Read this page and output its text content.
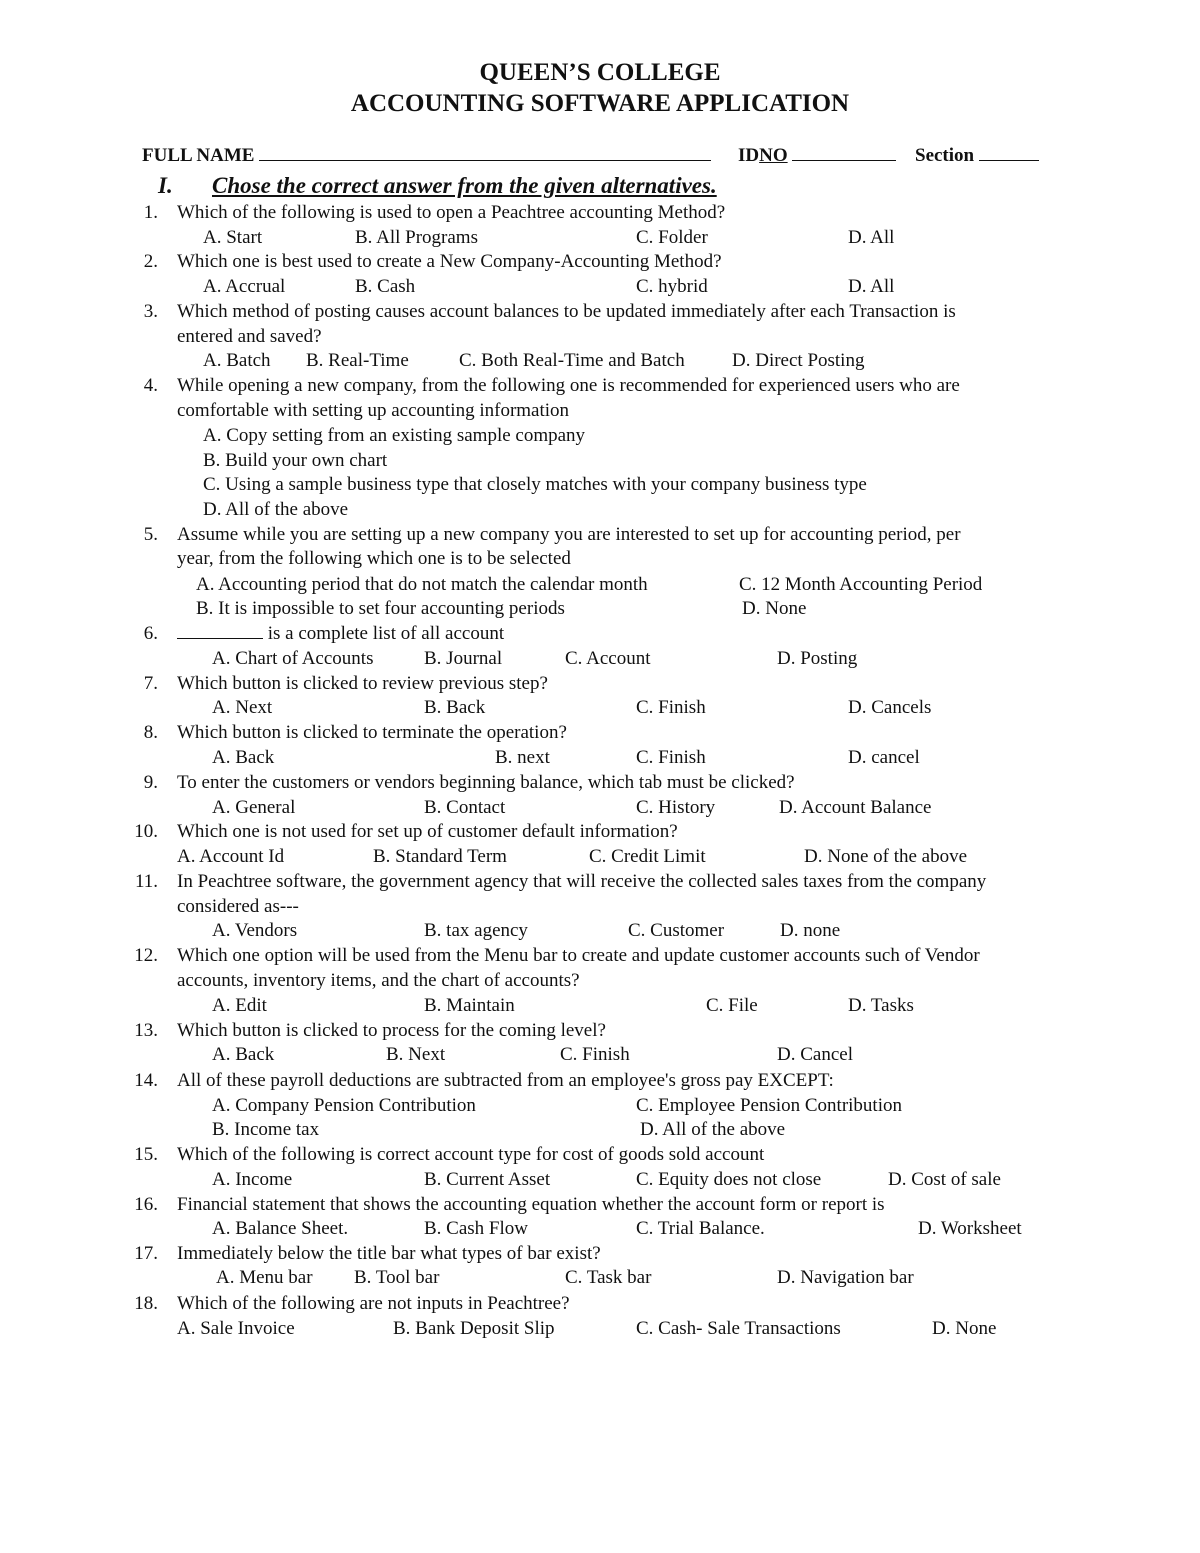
QUEEN’S COLLEGE
ACCOUNTING SOFTWARE APPLICATION
FULL NAME	IDNO	Section
I. Chose the correct answer from the given alternatives.
1. Which of the following is used to open a Peachtree accounting Method?
A. Start	B. All Programs	C. Folder	D. All
2. Which one is best used to create a New Company-Accounting Method?
A. Accrual	B. Cash	C. hybrid	D. All
3. Which method of posting causes account balances to be updated immediately after each Transaction is
entered and saved?
A. Batch B. Real-Time	C. Both Real-Time and Batch D. Direct Posting
4. While opening a new company, from the following one is recommended for experienced users who are
comfortable with setting up accounting information
A. Copy setting from an existing sample company
B. Build your own chart
C. Using a sample business type that closely matches with your company business type
D. All of the above
5. Assume while you are setting up a new company you are interested to set up for accounting period, per
year, from the following which one is to be selected
A. Accounting period that do not match the calendar month	C. 12 Month Accounting Period
B. It is impossible to set four accounting periods	D. None
6.	is a complete list of all account
A. Chart of Accounts	B. Journal	C. Account	D. Posting
7. Which button is clicked to review previous step?
A. Next	B. Back	C. Finish	D. Cancels
8. Which button is clicked to terminate the operation?
A. Back	B. next	C. Finish	D. cancel
9. To enter the customers or vendors beginning balance, which tab must be clicked?
A. General	B. Contact	C. History	D. Account Balance
10. Which one is not used for set up of customer default information?
A. Account Id	B. Standard Term	C. Credit Limit	D. None of the above
11. In Peachtree software, the government agency that will receive the collected sales taxes from the company
considered as---
A. Vendors	B. tax agency	C. Customer	D. none
12. Which one option will be used from the Menu bar to create and update customer accounts such of Vendor
accounts, inventory items, and the chart of accounts?
A. Edit	B. Maintain	C. File	D. Tasks
13. Which button is clicked to process for the coming level?
A. Back	B. Next	C. Finish	D. Cancel
14. All of these payroll deductions are subtracted from an employee's gross pay EXCEPT:
A. Company Pension Contribution	C. Employee Pension Contribution
B. Income tax	D. All of the above
15. Which of the following is correct account type for cost of goods sold account
A. Income	B. Current Asset	C. Equity does not close	D. Cost of sale
16. Financial statement that shows the accounting equation whether the account form or report is
A. Balance Sheet.	B. Cash Flow	C. Trial Balance.	D. Worksheet
17. Immediately below the title bar what types of bar exist?
A. Menu bar B. Tool bar	C. Task bar	D. Navigation bar
18. Which of the following are not inputs in Peachtree?
A. Sale Invoice	B. Bank Deposit Slip	C. Cash- Sale Transactions	D. None
